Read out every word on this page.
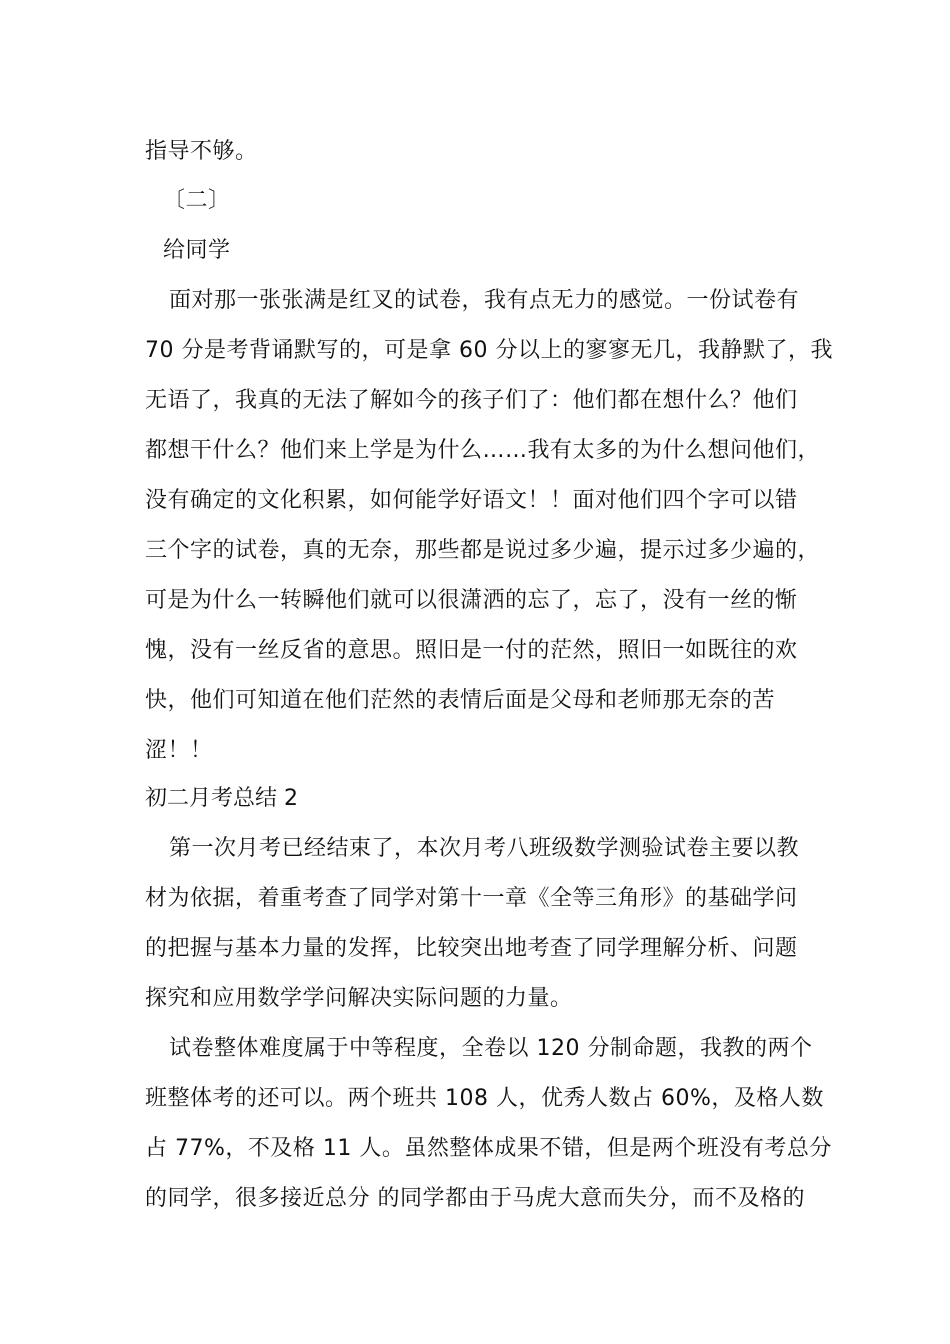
指导不够。
〔二〕
给同学
面对那一张张满是红叉的试卷，我有点无力的感觉。一份试卷有
70 分是考背诵默写的，可是拿 60 分以上的寥寥无几，我静默了，我
无语了，我真的无法了解如今的孩子们了：他们都在想什么？他们
都想干什么？他们来上学是为什么……我有太多的为什么想问他们，
没有确定的文化积累，如何能学好语文！！面对他们四个字可以错
三个字的试卷，真的无奈，那些都是说过多少遍，提示过多少遍的，
可是为什么一转瞬他们就可以很潇洒的忘了，忘了，没有一丝的惭
愧，没有一丝反省的意思。照旧是一付的茫然，照旧一如既往的欢
快，他们可知道在他们茫然的表情后面是父母和老师那无奈的苦
涩！！
初二月考总结 2
第一次月考已经结束了，本次月考八班级数学测验试卷主要以教
材为依据，着重考查了同学对第十一章《全等三角形》的基础学问
的把握与基本力量的发挥，比较突出地考查了同学理解分析、问题
探究和应用数学学问解决实际问题的力量。
试卷整体难度属于中等程度，全卷以 120 分制命题，我教的两个
班整体考的还可以。两个班共 108 人，优秀人数占 60%，及格人数
占 77%，不及格 11 人。虽然整体成果不错，但是两个班没有考总分
的同学，很多接近总分 的同学都由于马虎大意而失分，而不及格的
